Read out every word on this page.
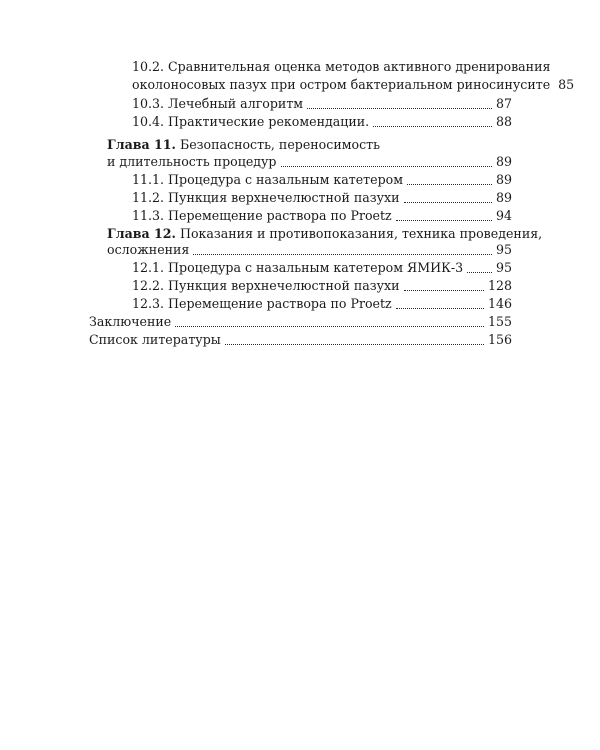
10.2. Сравнительная оценка методов активного дренирования
околоносовых пазух при остром бактериальном риносинусите 85
10.3. Лечебный алгоритм	87
10.4. Практические рекомендации.	88
Глава 11. Безопасность, переносимость
и длительность процедур	89
11.1. Процедура с назальным катетером	89
11.2. Пункция верхнечелюстной пазухи	89
11.3. Перемещение раствора по Proetz	94
Глава 12. Показания и противопоказания, техника проведения,
осложнения	95
12.1. Процедура с назальным катетером ЯМИК-3	95
12.2. Пункция верхнечелюстной пазухи	128
12.3. Перемещение раствора по Proetz	146
Заключение	155
Список литературы	156
